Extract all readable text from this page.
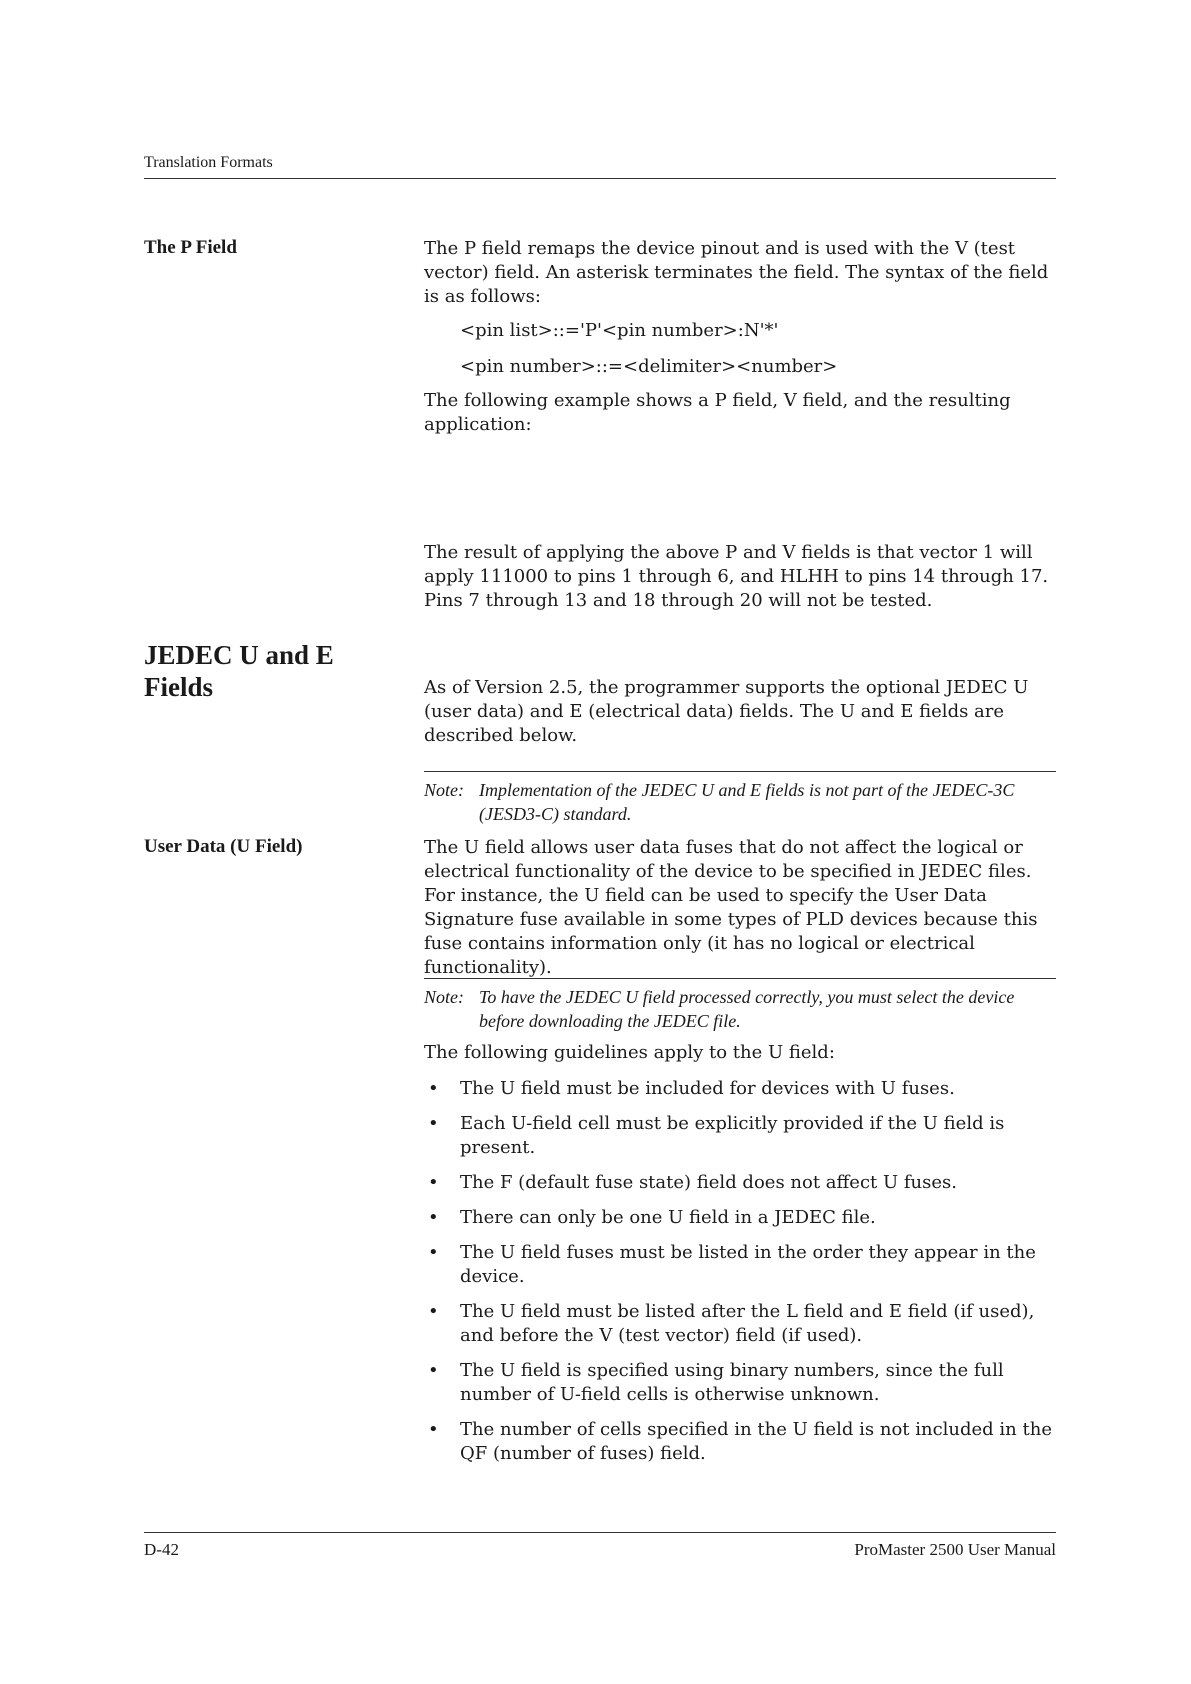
Translation Formats
The P Field	The P field remaps the device pinout and is used with the V (test vector) field. An asterisk terminates the field. The syntax of the field is as follows:
<pin list>::='P'<pin number>:N'*'
<pin number>::=<delimiter><number>
The following example shows a P field, V field, and the resulting application:
The result of applying the above P and V fields is that vector 1 will apply 111000 to pins 1 through 6, and HLHH to pins 14 through 17. Pins 7 through 13 and 18 through 20 will not be tested.
JEDEC U and E
Fields	As of Version 2.5, the programmer supports the optional JEDEC U (user data) and E (electrical data) fields. The U and E fields are described below.
Note: Implementation of the JEDEC U and E fields is not part of the JEDEC-3C (JESD3-C) standard.
User Data (U Field)	The U field allows user data fuses that do not affect the logical or electrical functionality of the device to be specified in JEDEC files. For instance, the U field can be used to specify the User Data Signature fuse available in some types of PLD devices because this fuse contains information only (it has no logical or electrical functionality).
Note: To have the JEDEC U field processed correctly, you must select the device before downloading the JEDEC file.
The following guidelines apply to the U field:
• The U field must be included for devices with U fuses.
• Each U-field cell must be explicitly provided if the U field is present.
• The F (default fuse state) field does not affect U fuses.
• There can only be one U field in a JEDEC file.
• The U field fuses must be listed in the order they appear in the device.
• The U field must be listed after the L field and E field (if used), and before the V (test vector) field (if used).
• The U field is specified using binary numbers, since the full number of U-field cells is otherwise unknown.
• The number of cells specified in the U field is not included in the QF (number of fuses) field.
D-42	ProMaster 2500 User Manual
